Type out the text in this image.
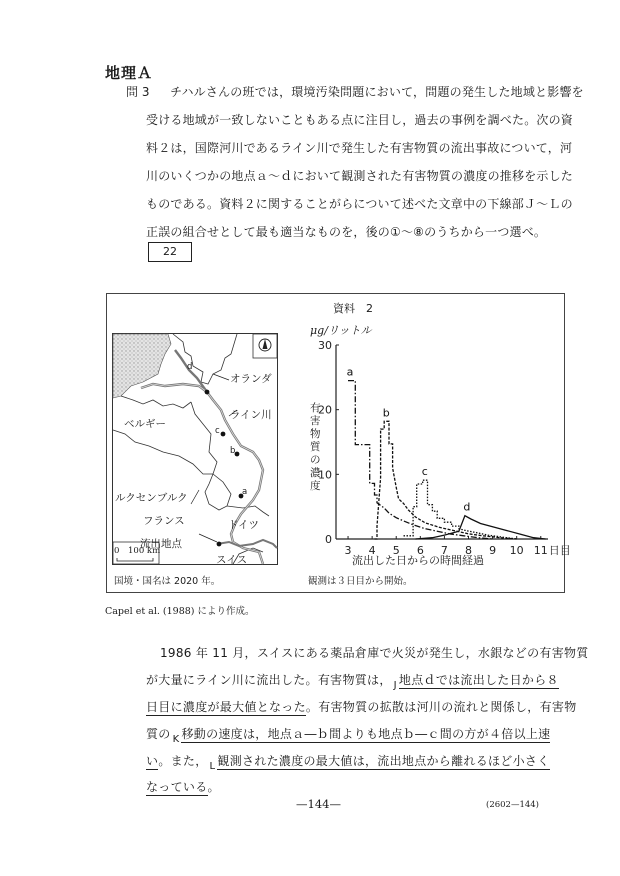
地理Ａ
問 3 チハルさんの班では，環境汚染問題において，問題の発生した地域と影響を
受ける地域が一致しないこともある点に注目し，過去の事例を調べた。次の資
料２は，国際河川であるライン川で発生した有害物質の流出事故について，河
川のいくつかの地点ａ～ｄにおいて観測された有害物質の濃度の推移を示した
ものである。資料２に関することがらについて述べた文章中の下線部Ｊ～Ｌの
正誤の組合せとして最も適当なものを，後の①～⑧のうちから一つ選べ。
22
資料　2
d
オランダ
ライン川
ベルギー
c
b
a
ルクセンブルク
フランス	ドイツ
流出地点
スイス
0 100 km
国境・国名は 2020 年。
μg/リットル
有害物質の濃度
0
10
20
30
3 4 5 6 7 8 9 10 11 日目
a
b
c
d
流出した日からの時間経過
観測は３日目から開始。
Capel et al. (1988) により作成。
1986 年 11 月，スイスにある薬品倉庫で火災が発生し，水銀などの有害物質
が大量にライン川に流出した。有害物質は， $_J$ 地点ｄでは流出した日から８
日目に濃度が最大値となった。有害物質の拡散は河川の流れと関係し，有害物
質の $_K$ 移動の速度は，地点ａ―ｂ間よりも地点ｂ―ｃ間の方が４倍以上速
い。また， $_L$ 観測された濃度の最大値は，流出地点から離れるほど小さく
なっている。
—144—	(2602—144)
